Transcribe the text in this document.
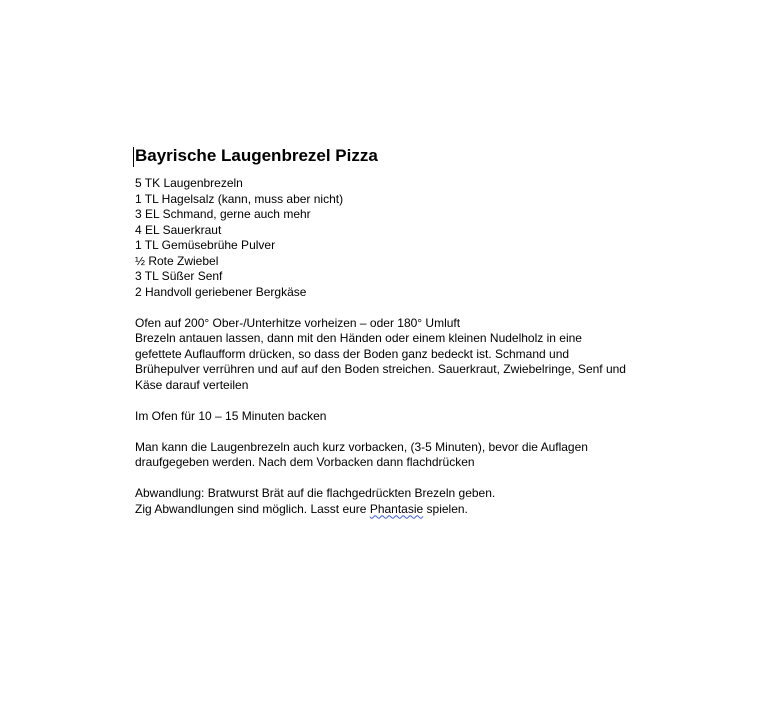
Bayrische Laugenbrezel Pizza
5 TK Laugenbrezeln
1 TL Hagelsalz (kann, muss aber nicht)
3 EL Schmand, gerne auch mehr
4 EL Sauerkraut
1 TL Gemüsebrühe Pulver
½ Rote Zwiebel
3 TL Süßer Senf
2 Handvoll geriebener Bergkäse

Ofen auf 200° Ober-/Unterhitze vorheizen – oder 180° Umluft

Brezeln antauen lassen, dann mit den Händen oder einem kleinen Nudelholz in eine

gefettete Auflaufform drücken, so dass der Boden ganz bedeckt ist. Schmand und

Brühepulver verrühren und auf auf den Boden streichen. Sauerkraut, Zwiebelringe, Senf und

Käse darauf verteilen

Im Ofen für 10 – 15 Minuten backen

Man kann die Laugenbrezeln auch kurz vorbacken, (3-5 Minuten), bevor die Auflagen

draufgegeben werden. Nach dem Vorbacken dann flachdrücken

Abwandlung: Bratwurst Brät auf die flachgedrückten Brezeln geben.

Zig Abwandlungen sind möglich. Lasst eure Phantasie spielen.
